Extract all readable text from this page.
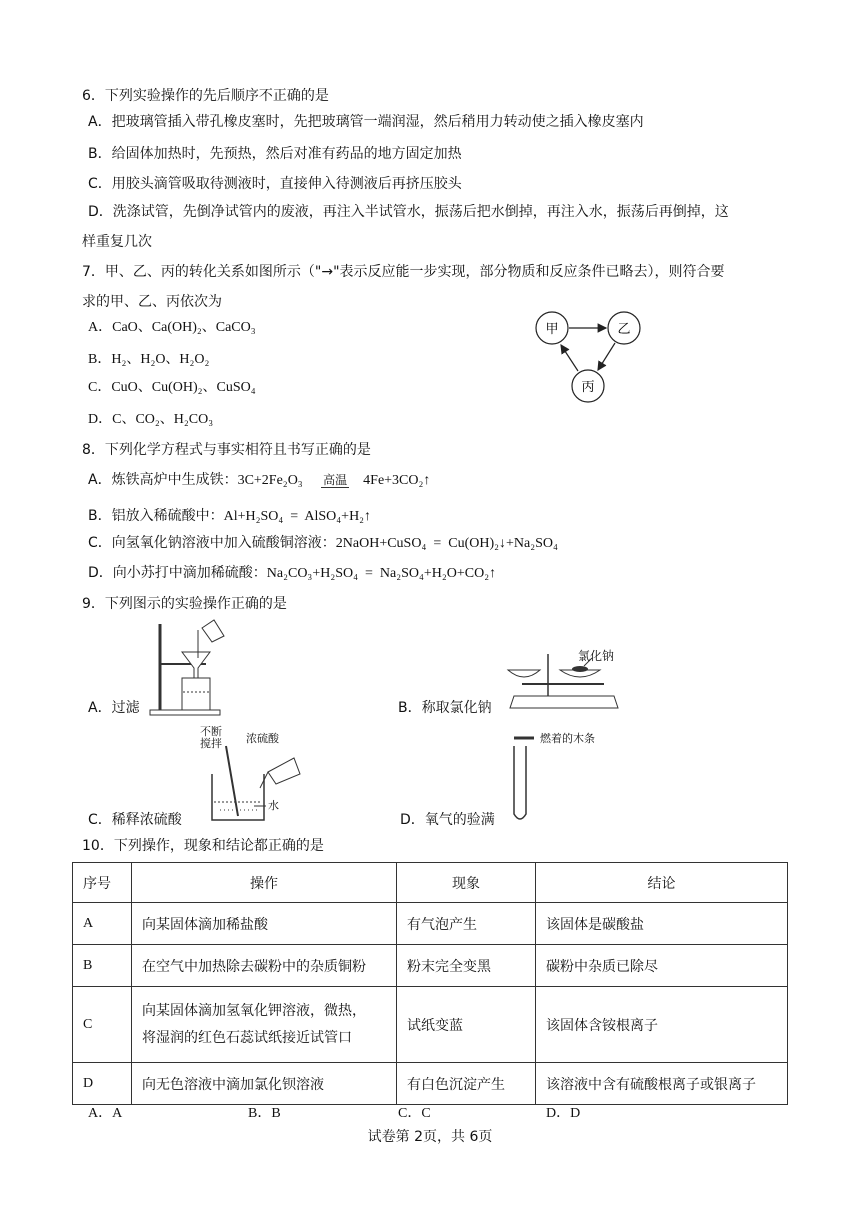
6．下列实验操作的先后顺序不正确的是
A．把玻璃管插入带孔橡皮塞时，先把玻璃管一端润湿，然后稍用力转动使之插入橡皮塞内
B．给固体加热时，先预热，然后对准有药品的地方固定加热
C．用胶头滴管吸取待测液时，直接伸入待测液后再挤压胶头
D．洗涤试管，先倒净试管内的废液，再注入半试管水，振荡后把水倒掉，再注入水，振荡后再倒掉，这
样重复几次
7．甲、乙、丙的转化关系如图所示（"→"表示反应能一步实现，部分物质和反应条件已略去），则符合要
求的甲、乙、丙依次为
A．CaO、Ca(OH)₂、CaCO₃
B．H₂、H₂O、H₂O₂
C．CuO、Cu(OH)₂、CuSO₄
D．C、CO₂、H₂CO₃
甲	乙
丙
8．下列化学方程式与事实相符且书写正确的是
A．炼铁高炉中生成铁：3C+2Fe₂O₃ 高温 4Fe+3CO₂↑
B．铝放入稀硫酸中：Al+H₂SO₄  =  AlSO₄+H₂↑
C．向氢氧化钠溶液中加入硫酸铜溶液：2NaOH+CuSO₄  =  Cu(OH)₂↓+Na₂SO₄
D．向小苏打中滴加稀硫酸：Na₂CO₃+H₂SO₄  =  Na₂SO₄+H₂O+CO₂↑
9．下列图示的实验操作正确的是
A．过滤
氯化钠
B．称取氯化钠
不断
搅拌 浓硫酸
水
C．稀释浓硫酸
燃着的木条
D．氧气的验满
10．下列操作，现象和结论都正确的是
序号	操作	现象	结论
A	向某固体滴加稀盐酸	有气泡产生	该固体是碳酸盐
B	在空气中加热除去碳粉中的杂质铜粉	粉末完全变黑	碳粉中杂质已除尽
C	向某固体滴加氢氧化钾溶液，微热，
将湿润的红色石蕊试纸接近试管口	试纸变蓝	该固体含铵根离子
D	向无色溶液中滴加氯化钡溶液	有白色沉淀产生	该溶液中含有硫酸根离子或银离子
A．A	B．B	C．C	D．D
试卷第 2页，共 6页
